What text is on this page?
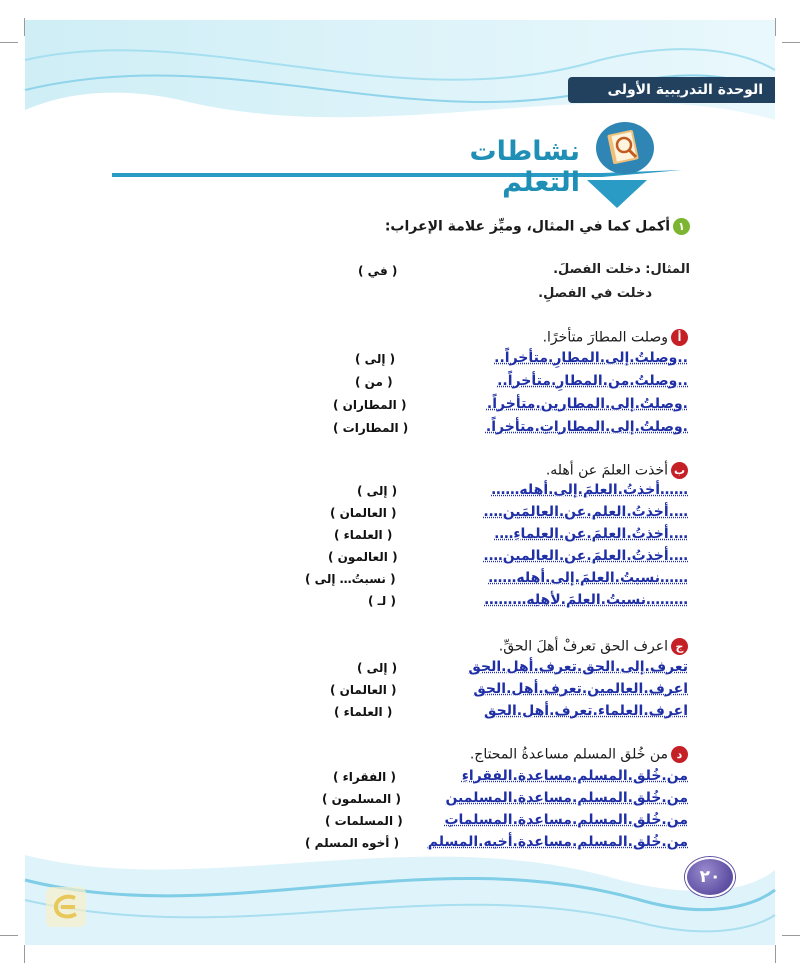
الوحدة التدريبية الأولى
نشاطات التعلم
١أكمل كما في المثال، وميِّز علامة الإعراب:
المثال: دخلت الفصلَ.
( في )
دخلت في الفصلِ.
أوصلت المطارَ متأخرًا.
..وصلتُ.إلى.المطارِ.متأخراً..
( إلى )
..وصلتُ.من.المطارِ.متأخراً..
( من )
.وصلتُ.إلى.المطارين.متأخراً.
( المطاران )
.وصلتُ.إلى.المطاراتِ.متأخراً.
( المطارات )
بأخذت العلمَ عن أهله.
……أخذتُ.العلمَ.إلى.أهله……
( إلى )
….أخذتُ.العلم.عن.العالمَين….
( العالمان )
….أخذتُ.العلمَ.عن.العلماءِ….
( العلماء )
….أخذتُ.العلمَ.عن.العالمين….
( العالمون )
……نسبتُ.العلمَ.إلى.أهله……
( نسبتُ… إلى )
………نسبتُ.العلمَ.لأهلِه………
( لـ )
جاعرف الحق تعرفْ أهلَ الحقِّ.
تعرف.إلى.الحق.تعرف.أهل.الحق
( إلى )
اعرف.العالمين.تعرف.أهل.الحق
( العالمان )
اعرف.العلماء.تعرف.أهل.الحق
( العلماء )
دمن خُلق المسلم مساعدةُ المحتاج.
من.خُلق.المسلم.مساعدة.الفقراءِ
( الفقراء )
من.خُلق.المسلم.مساعدة.المسلمين
( المسلمون )
من.خُلق.المسلم.مساعدة.المسلماتِ
( المسلمات )
من.خُلق.المسلم.مساعدة.أخيه.المسلم
( أخوه المسلم )
٢٠
